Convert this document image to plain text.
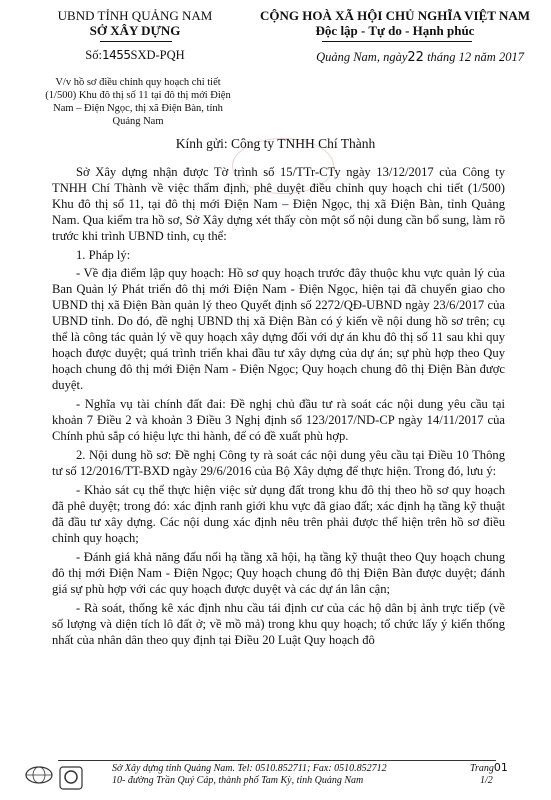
UBND TỈNH QUẢNG NAM
SỞ XÂY DỰNG
CỘNG HOÀ XÃ HỘI CHỦ NGHĨA VIỆT NAM
Độc lập - Tự do - Hạnh phúc
Số:1455SXD-PQH	Quảng Nam, ngày22 tháng 12 năm 2017
V/v hồ sơ điều chỉnh quy hoạch chi tiết (1/500) Khu đô thị số 11 tại đô thị mới Điện Nam – Điện Ngọc, thị xã Điện Bàn, tỉnh Quảng Nam
Kính gửi: Công ty TNHH Chí Thành

Sở Xây dựng nhận được Tờ trình số 15/TTr-CTy ngày 13/12/2017 của Công ty TNHH Chí Thành về việc thẩm định, phê duyệt điều chỉnh quy hoạch chi tiết (1/500) Khu đô thị số 11, tại đô thị mới Điện Nam – Điện Ngọc, thị xã Điện Bàn, tỉnh Quảng Nam. Qua kiểm tra hồ sơ, Sở Xây dựng xét thấy còn một số nội dung cần bổ sung, làm rõ trước khi trình UBND tỉnh, cụ thể:

1. Pháp lý:

- Về địa điểm lập quy hoạch: Hồ sơ quy hoạch trước đây thuộc khu vực quản lý của Ban Quản lý Phát triển đô thị mới Điện Nam - Điện Ngọc, hiện tại đã chuyển giao cho UBND thị xã Điện Bàn quản lý theo Quyết định số 2272/QĐ-UBND ngày 23/6/2017 của UBND tỉnh. Do đó, đề nghị UBND thị xã Điện Bàn có ý kiến về nội dung hồ sơ trên; cụ thể là công tác quản lý về quy hoạch xây dựng đối với dự án khu đô thị số 11 sau khi quy hoạch được duyệt; quá trình triển khai đầu tư xây dựng của dự án; sự phù hợp theo Quy hoạch chung đô thị mới Điện Nam - Điện Ngọc; Quy hoạch chung đô thị Điện Bàn được duyệt.

- Nghĩa vụ tài chính đất đai: Đề nghị chủ đầu tư rà soát các nội dung yêu cầu tại khoản 7 Điều 2 và khoản 3 Điều 3 Nghị định số 123/2017/ND-CP ngày 14/11/2017 của Chính phủ sắp có hiệu lực thi hành, để có đề xuất phù hợp.

2. Nội dung hồ sơ: Đề nghị Công ty rà soát các nội dung yêu cầu tại Điều 10 Thông tư số 12/2016/TT-BXD ngày 29/6/2016 của Bộ Xây dựng để thực hiện. Trong đó, lưu ý:

- Khảo sát cụ thể thực hiện việc sử dụng đất trong khu đô thị theo hồ sơ quy hoạch đã phê duyệt; trong đó: xác định ranh giới khu vực đã giao đất; xác định hạ tầng kỹ thuật đã đầu tư xây dựng. Các nội dung xác định nêu trên phải được thể hiện trên hồ sơ điều chỉnh quy hoạch;

- Đánh giá khả năng đấu nối hạ tầng xã hội, hạ tầng kỹ thuật theo Quy hoạch chung đô thị mới Điện Nam - Điện Ngọc; Quy hoạch chung đô thị Điện Bàn được duyệt; đánh giá sự phù hợp với các quy hoạch được duyệt và các dự án lân cận;

- Rà soát, thống kê xác định nhu cầu tái định cư của các hộ dân bị ảnh trực tiếp (về số lượng và diện tích lô đất ở; về mồ mả) trong khu quy hoạch; tổ chức lấy ý kiến thống nhất của nhân dân theo quy định tại Điều 20 Luật Quy hoạch đô

Sở Xây dựng tỉnh Quảng Nam. Tel: 0510.852711; Fax: 0510.852712
10- đường Trần Quý Cáp, thành phố Tam Kỳ, tỉnh Quảng Nam
Trang01
1/2
